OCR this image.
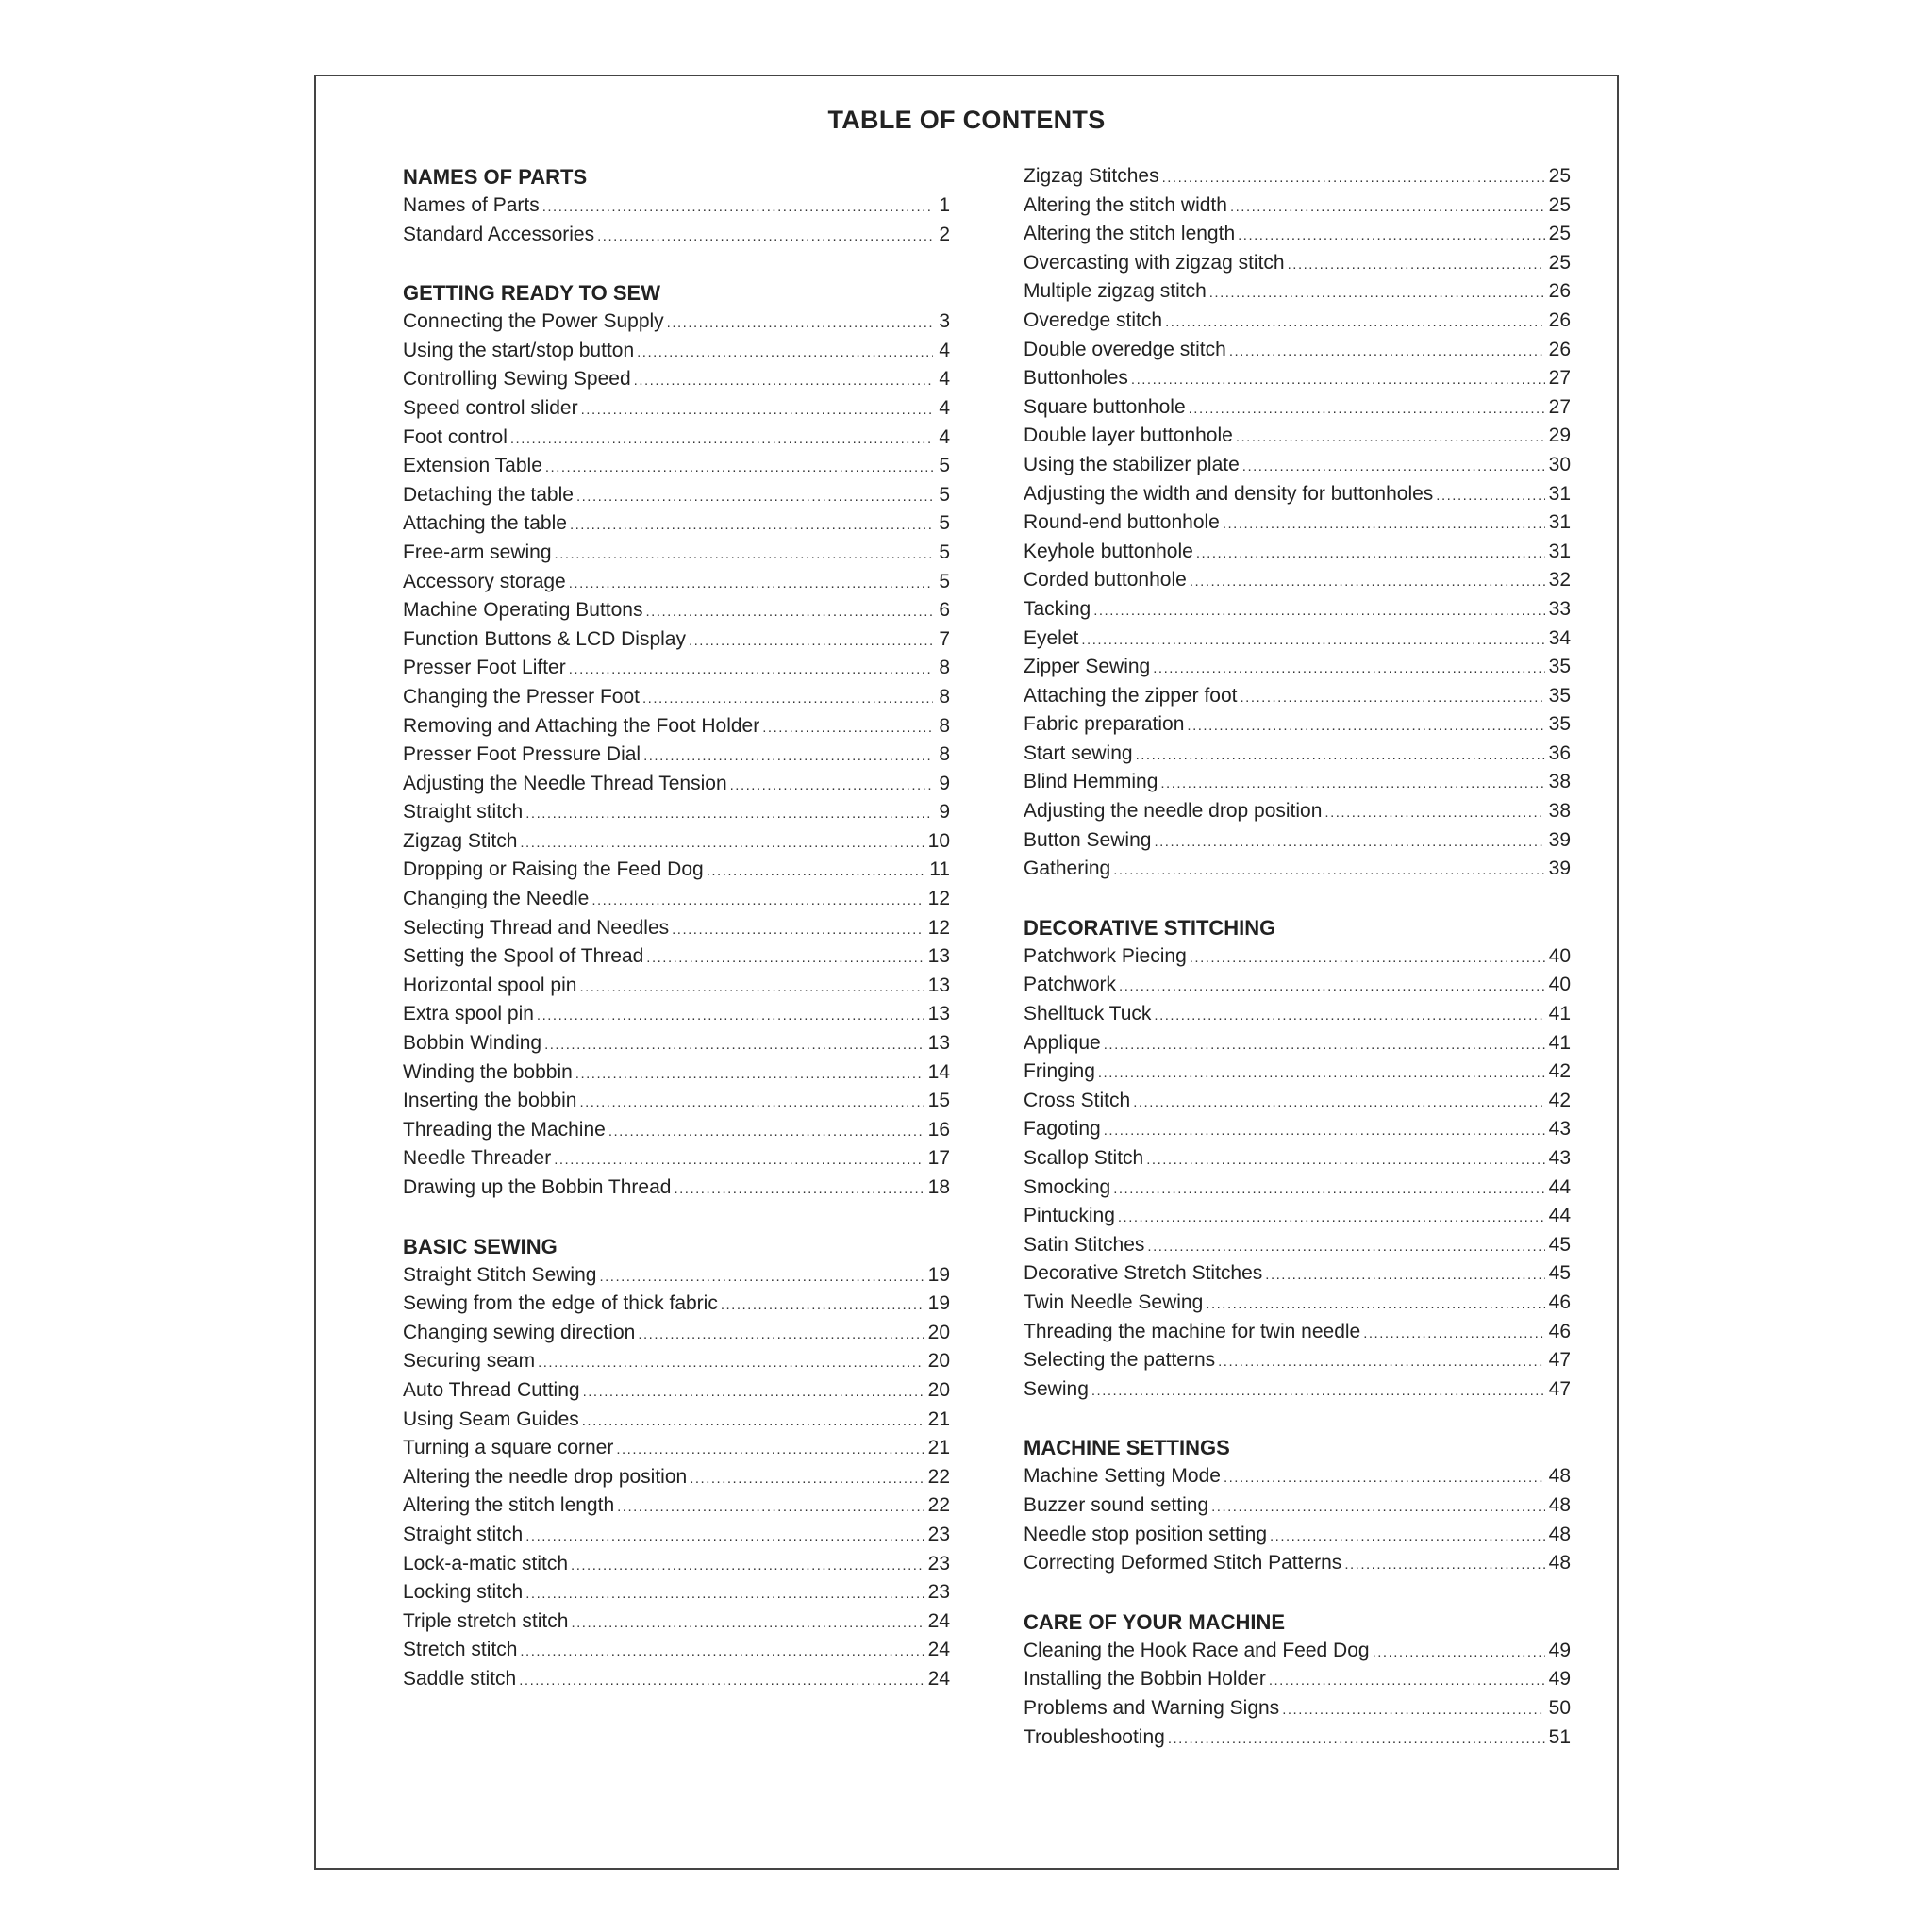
TABLE OF CONTENTS
NAMES OF PARTS
Names of Parts .....	1
Standard Accessories .....	2
GETTING READY TO SEW
Connecting the Power Supply .....	3
Using the start/stop button .....	4
Controlling Sewing Speed .....	4
Speed control slider .....	4
Foot control .....	4
Extension Table .....	5
Detaching the table .....	5
Attaching the table .....	5
Free-arm sewing .....	5
Accessory storage .....	5
Machine Operating Buttons .....	6
Function Buttons & LCD Display .....	7
Presser Foot Lifter .....	8
Changing the Presser Foot .....	8
Removing and Attaching the Foot Holder .....	8
Presser Foot Pressure Dial .....	8
Adjusting the Needle Thread Tension .....	9
Straight stitch .....	9
Zigzag Stitch .....	10
Dropping or Raising the Feed Dog .....	11
Changing the Needle .....	12
Selecting Thread and Needles .....	12
Setting the Spool of Thread .....	13
Horizontal spool pin .....	13
Extra spool pin .....	13
Bobbin Winding .....	13
Winding the bobbin .....	14
Inserting the bobbin .....	15
Threading the Machine .....	16
Needle Threader .....	17
Drawing up the Bobbin Thread .....	18
BASIC SEWING
Straight Stitch Sewing .....	19
Sewing from the edge of thick fabric .....	19
Changing sewing direction .....	20
Securing seam .....	20
Auto Thread Cutting .....	20
Using Seam Guides .....	21
Turning a square corner .....	21
Altering the needle drop position .....	22
Altering the stitch length .....	22
Straight stitch .....	23
Lock-a-matic stitch .....	23
Locking stitch .....	23
Triple stretch stitch .....	24
Stretch stitch .....	24
Saddle stitch .....	24
Zigzag Stitches .....	25
Altering the stitch width .....	25
Altering the stitch length .....	25
Overcasting with zigzag stitch .....	25
Multiple zigzag stitch .....	26
Overedge stitch .....	26
Double overedge stitch .....	26
Buttonholes .....	27
Square buttonhole .....	27
Double layer buttonhole .....	29
Using the stabilizer plate .....	30
Adjusting the width and density for buttonholes .....	31
Round-end buttonhole .....	31
Keyhole buttonhole .....	31
Corded buttonhole .....	32
Tacking .....	33
Eyelet .....	34
Zipper Sewing .....	35
Attaching the zipper foot .....	35
Fabric preparation .....	35
Start sewing .....	36
Blind Hemming .....	38
Adjusting the needle drop position .....	38
Button Sewing .....	39
Gathering .....	39
DECORATIVE STITCHING
Patchwork Piecing .....	40
Patchwork .....	40
Shelltuck Tuck .....	41
Applique .....	41
Fringing .....	42
Cross Stitch .....	42
Fagoting .....	43
Scallop Stitch .....	43
Smocking .....	44
Pintucking .....	44
Satin Stitches .....	45
Decorative Stretch Stitches .....	45
Twin Needle Sewing .....	46
Threading the machine for twin needle .....	46
Selecting the patterns .....	47
Sewing .....	47
MACHINE SETTINGS
Machine Setting Mode .....	48
Buzzer sound setting .....	48
Needle stop position setting .....	48
Correcting Deformed Stitch Patterns .....	48
CARE OF YOUR MACHINE
Cleaning the Hook Race and Feed Dog .....	49
Installing the Bobbin Holder .....	49
Problems and Warning Signs .....	50
Troubleshooting .....	51
